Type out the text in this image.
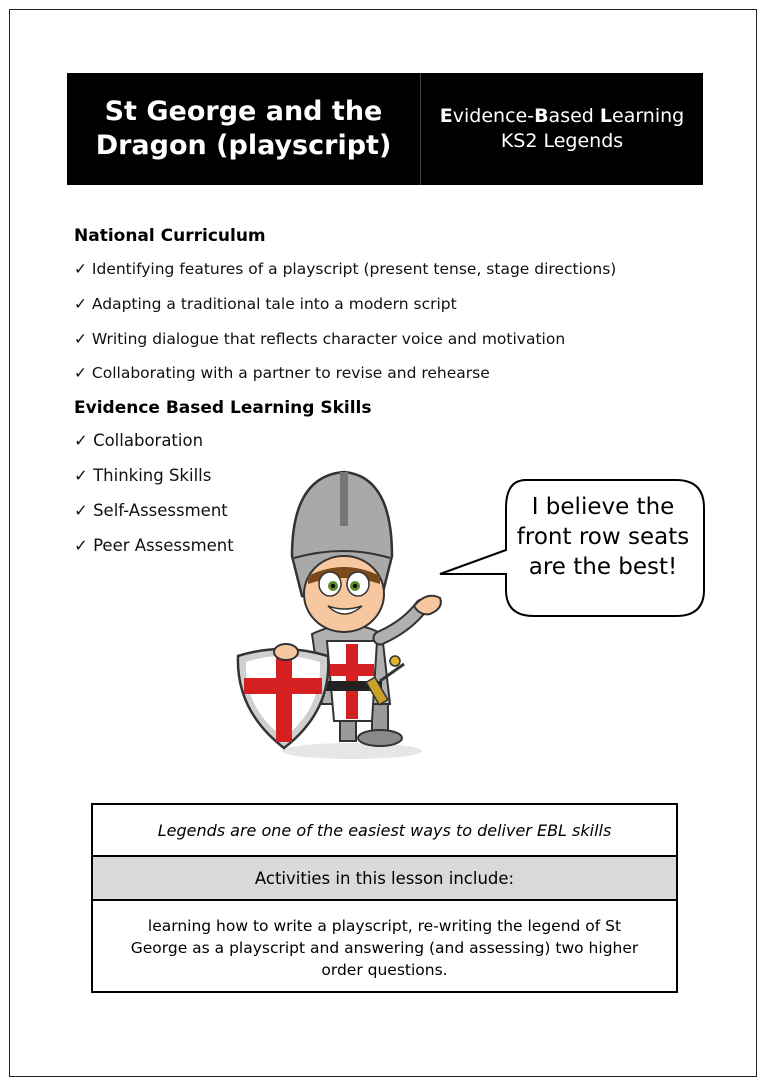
St George and the
Dragon (playscript)
Evidence-Based Learning
KS2 Legends
National Curriculum
✓ Identifying features of a playscript (present tense, stage directions)
✓ Adapting a traditional tale into a modern script
✓ Writing dialogue that reflects character voice and motivation
✓ Collaborating with a partner to revise and rehearse
Evidence Based Learning Skills
✓ Collaboration
✓ Thinking Skills
✓ Self-Assessment
✓ Peer Assessment
I believe the front row seats are the best!
Legends are one of the easiest ways to deliver EBL skills
Activities in this lesson include:
learning how to write a playscript, re-writing the legend of St George as a playscript and answering (and assessing) two higher order questions.
